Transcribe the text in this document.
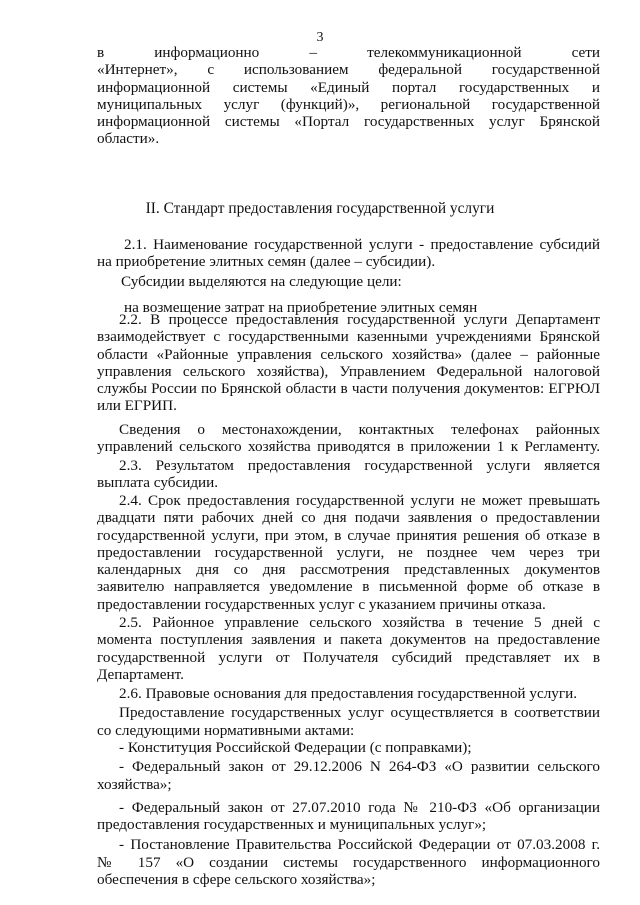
3
в информационно – телекоммуникационной сети
«Интернет», с использованием федеральной государственной
информационной системы «Единый портал государственных и
муниципальных услуг (функций)», региональной государственной
информационной системы «Портал государственных услуг Брянской
области».
II. Стандарт предоставления государственной услуги
2.1. Наименование государственной услуги - предоставление субсидий
на приобретение элитных семян (далее – субсидии).
Субсидии выделяются на следующие цели:
на возмещение затрат на приобретение элитных семян
2.2. В процессе предоставления государственной услуги Департамент
взаимодействует с государственными казенными учреждениями Брянской
области «Районные управления сельского хозяйства» (далее – районные
управления сельского хозяйства), Управлением Федеральной налоговой
службы России по Брянской области в части получения документов: ЕГРЮЛ
или ЕГРИП.
Сведения о местонахождении, контактных телефонах районных
управлений сельского хозяйства приводятся в приложении 1 к Регламенту.
2.3. Результатом предоставления государственной услуги является
выплата субсидии.
2.4. Срок предоставления государственной услуги не может превышать
двадцати пяти рабочих дней со дня подачи заявления о предоставлении
государственной услуги, при этом, в случае принятия решения об отказе в
предоставлении государственной услуги, не позднее чем через три
календарных дня со дня рассмотрения представленных документов
заявителю направляется уведомление в письменной форме об отказе в
предоставлении государственных услуг с указанием причины отказа.
2.5. Районное управление сельского хозяйства в течение 5 дней с
момента поступления заявления и пакета документов на предоставление
государственной услуги от Получателя субсидий представляет их в
Департамент.
2.6. Правовые основания для предоставления государственной услуги.
Предоставление государственных услуг осуществляется в соответствии
со следующими нормативными актами:
- Конституция Российской Федерации (с поправками);
- Федеральный закон от 29.12.2006 N 264-ФЗ «О развитии сельского
хозяйства»;
- Федеральный закон от 27.07.2010 года № 210-ФЗ «Об организации
предоставления государственных и муниципальных услуг»;
- Постановление Правительства Российской Федерации от 07.03.2008 г.
№ 157 «О создании системы государственного информационного
обеспечения в сфере сельского хозяйства»;
